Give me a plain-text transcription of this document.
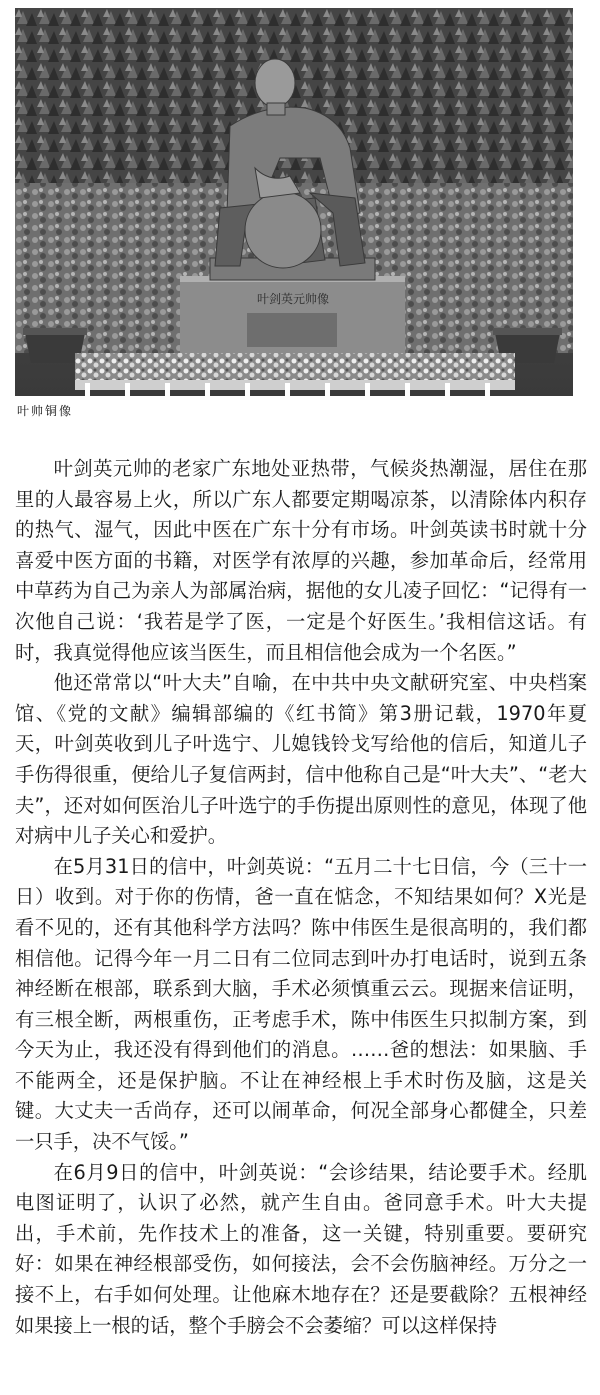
叶剑英元帅像
叶帅铜像

叶剑英元帅的老家广东地处亚热带，气候炎热潮湿，居住在那里的人最容易上火，所以广东人都要定期喝凉茶，以清除体内积存的热气、湿气，因此中医在广东十分有市场。叶剑英读书时就十分喜爱中医方面的书籍，对医学有浓厚的兴趣，参加革命后，经常用中草药为自己为亲人为部属治病，据他的女儿凌子回忆：“记得有一次他自己说：‘我若是学了医，一定是个好医生。’我相信这话。有时，我真觉得他应该当医生，而且相信他会成为一个名医。”

他还常常以“叶大夫”自喻，在中共中央文献研究室、中央档案馆、《党的文献》编辑部编的《红书简》第3册记载，1970年夏天，叶剑英收到儿子叶选宁、儿媳钱铃戈写给他的信后，知道儿子手伤得很重，便给儿子复信两封，信中他称自己是“叶大夫”、“老大夫”，还对如何医治儿子叶选宁的手伤提出原则性的意见，体现了他对病中儿子关心和爱护。

在5月31日的信中，叶剑英说：“五月二十七日信，今（三十一日）收到。对于你的伤情，爸一直在惦念，不知结果如何？X光是看不见的，还有其他科学方法吗？陈中伟医生是很高明的，我们都相信他。记得今年一月二日有二位同志到叶办打电话时，说到五条神经断在根部，联系到大脑，手术必须慎重云云。现据来信证明，有三根全断，两根重伤，正考虑手术，陈中伟医生只拟制方案，到今天为止，我还没有得到他们的消息。……爸的想法：如果脑、手不能两全，还是保护脑。不让在神经根上手术时伤及脑，这是关键。大丈夫一舌尚存，还可以闹革命，何况全部身心都健全，只差一只手，决不气馁。”

在6月9日的信中，叶剑英说：“会诊结果，结论要手术。经肌电图证明了，认识了必然，就产生自由。爸同意手术。叶大夫提出，手术前，先作技术上的准备，这一关键，特别重要。要研究好：如果在神经根部受伤，如何接法，会不会伤脑神经。万分之一接不上，右手如何处理。让他麻木地存在？还是要截除？五根神经如果接上一根的话，整个手膀会不会萎缩？可以这样保持
